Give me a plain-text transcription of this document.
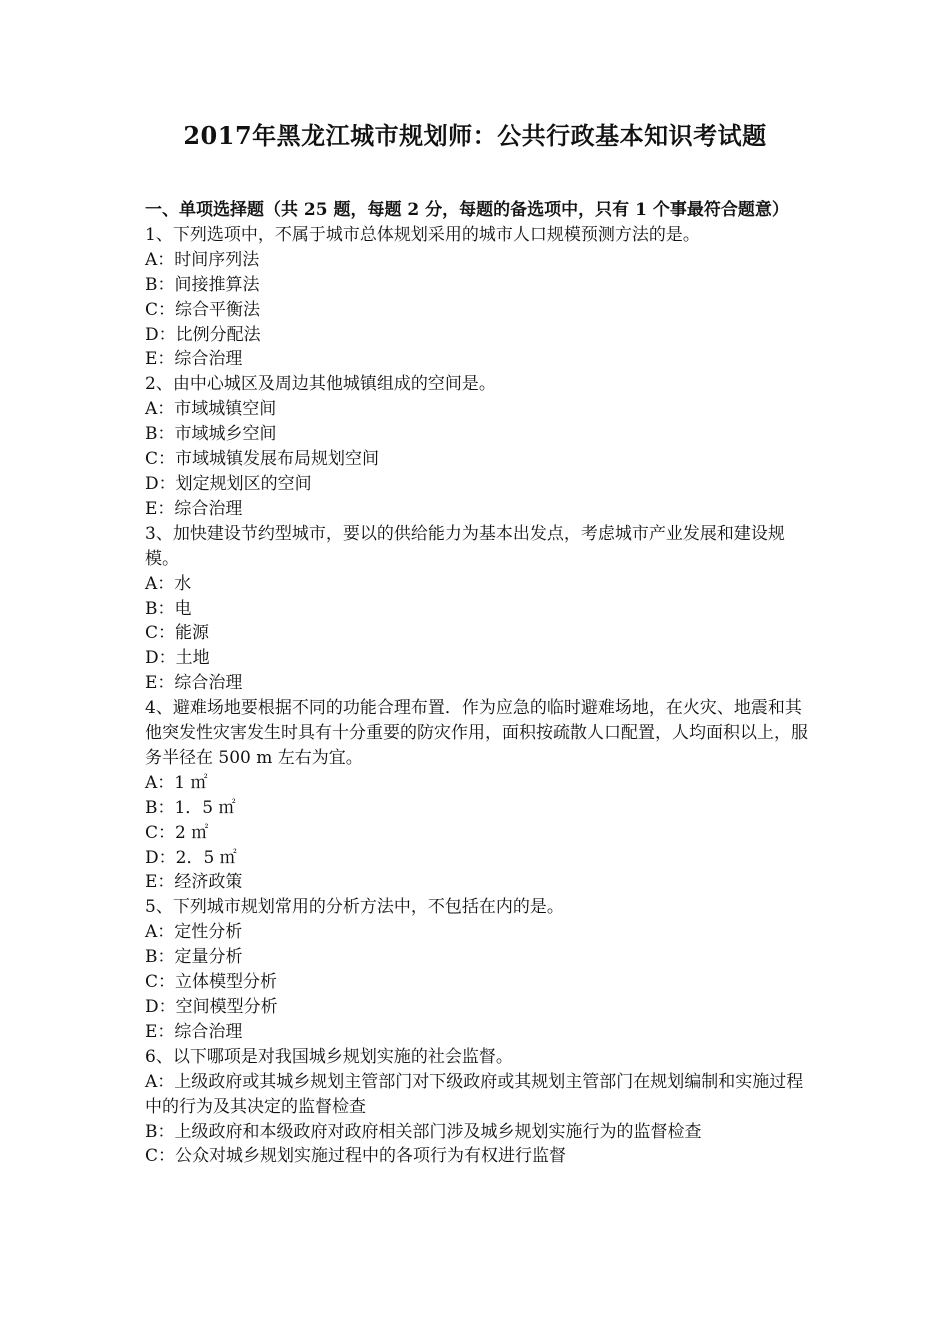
2017年黑龙江城市规划师：公共行政基本知识考试题
一、单项选择题（共 25 题，每题 2 分，每题的备选项中，只有 1 个事最符合题意）
1、下列选项中，不属于城市总体规划采用的城市人口规模预测方法的是。
A：时间序列法
B：间接推算法
C：综合平衡法
D：比例分配法
E：综合治理
2、由中心城区及周边其他城镇组成的空间是。
A：市域城镇空间
B：市域城乡空间
C：市域城镇发展布局规划空间
D：划定规划区的空间
E：综合治理
3、加快建设节约型城市，要以的供给能力为基本出发点，考虑城市产业发展和建设规模。
A：水
B：电
C：能源
D：土地
E：综合治理
4、避难场地要根据不同的功能合理布置．作为应急的临时避难场地，在火灾、地震和其他突发性灾害发生时具有十分重要的防灾作用，面积按疏散人口配置，人均面积以上，服务半径在 500 m 左右为宜。
A：1 ㎡
B：1．5 ㎡
C：2 ㎡
D：2．5 ㎡
E：经济政策
5、下列城市规划常用的分析方法中，不包括在内的是。
A：定性分析
B：定量分析
C：立体模型分析
D：空间模型分析
E：综合治理
6、以下哪项是对我国城乡规划实施的社会监督。
A：上级政府或其城乡规划主管部门对下级政府或其规划主管部门在规划编制和实施过程中的行为及其决定的监督检查
B：上级政府和本级政府对政府相关部门涉及城乡规划实施行为的监督检查
C：公众对城乡规划实施过程中的各项行为有权进行监督
